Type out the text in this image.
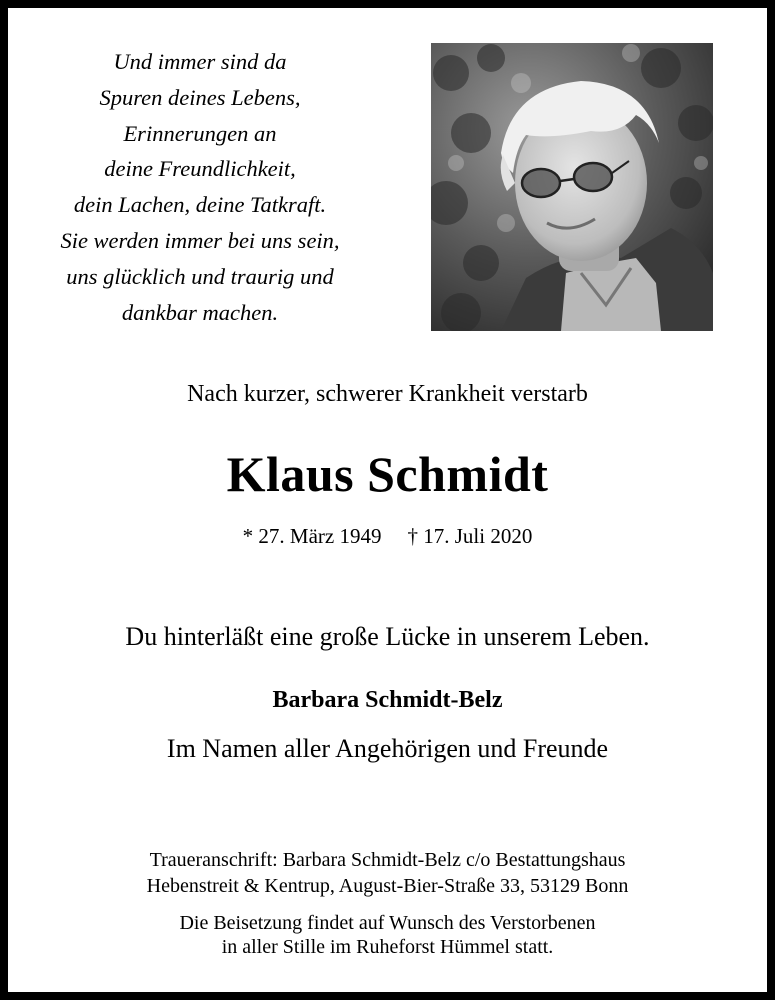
Und immer sind da
Spuren deines Lebens,
Erinnerungen an
deine Freundlichkeit,
dein Lachen, deine Tatkraft.
Sie werden immer bei uns sein,
uns glücklich und traurig und
dankbar machen.
Nach kurzer, schwerer Krankheit verstarb
Klaus Schmidt
* 27. März 1949 † 17. Juli 2020
Du hinterläßt eine große Lücke in unserem Leben.
Barbara Schmidt-Belz
Im Namen aller Angehörigen und Freunde
Traueranschrift: Barbara Schmidt-Belz c/o Bestattungshaus
Hebenstreit & Kentrup, August-Bier-Straße 33, 53129 Bonn
Die Beisetzung findet auf Wunsch des Verstorbenen
in aller Stille im Ruheforst Hümmel statt.
